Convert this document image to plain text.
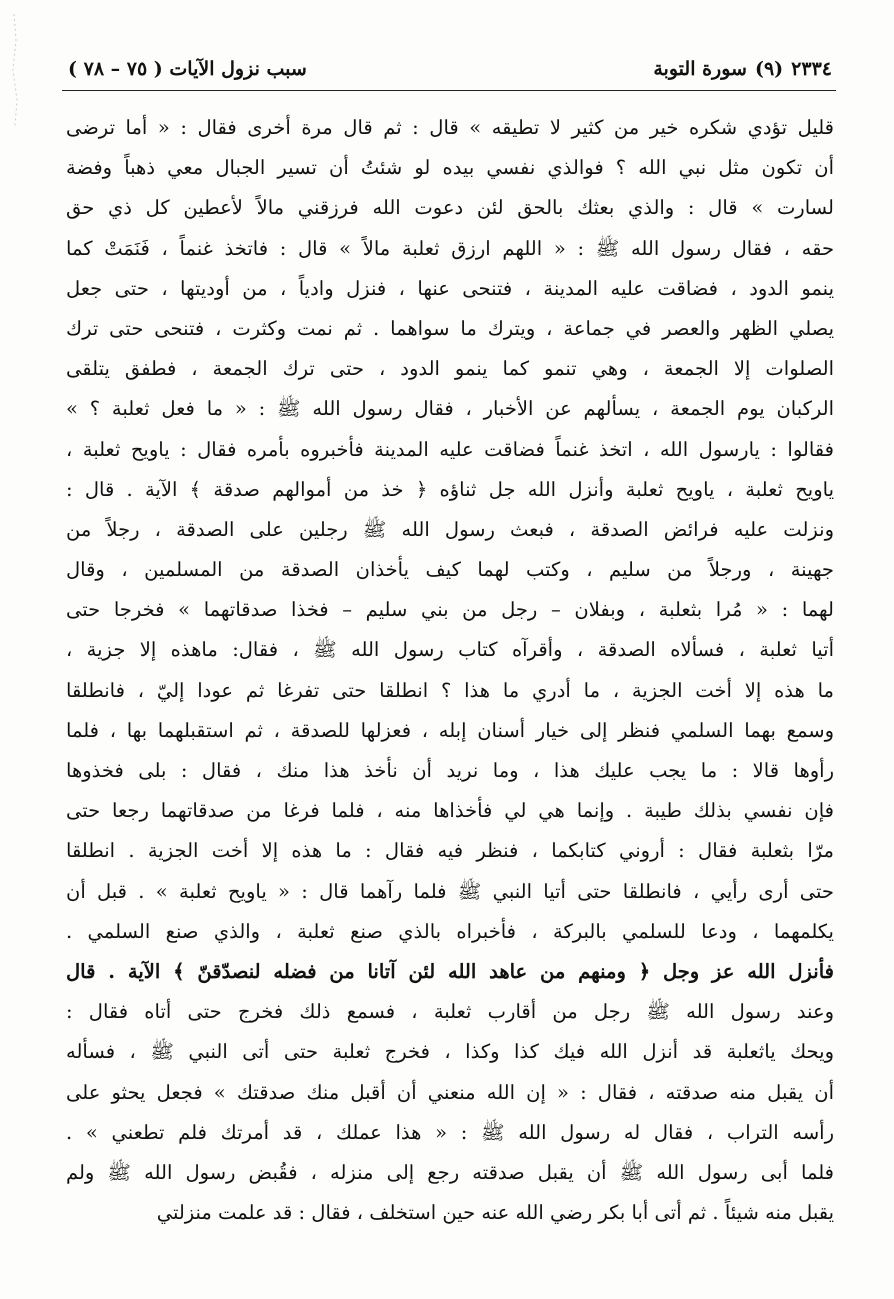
٢٣٣٤
(٩)
سورة التوبة
سبب نزول الآيات ( ٧٥ – ٧٨ )
قليل تؤدي شكره خير من كثير لا تطيقه » قال : ثم قال مرة أخرى فقال : « أما ترضى
أن تكون مثل نبي الله ؟ فوالذي نفسي بيده لو شئتُ أن تسير الجبال معي ذهباً وفضة
لسارت » قال : والذي بعثك بالحق لئن دعوت الله فرزقني مالاً لأعطين كل ذي حق
حقه ، فقال رسول الله ﷺ : « اللهم ارزق ثعلبة مالاً » قال : فاتخذ غنماً ، فَنَمَتْ كما
ينمو الدود ، فضاقت عليه المدينة ، فتنحى عنها ، فنزل وادياً ، من أوديتها ، حتى جعل
يصلي الظهر والعصر في جماعة ، ويترك ما سواهما . ثم نمت وكثرت ، فتنحى حتى ترك
الصلوات إلا الجمعة ، وهي تنمو كما ينمو الدود ، حتى ترك الجمعة ، فطفق يتلقى
الركبان يوم الجمعة ، يسألهم عن الأخبار ، فقال رسول الله ﷺ : « ما فعل ثعلبة ؟ »
فقالوا : يارسول الله ، اتخذ غنماً فضاقت عليه المدينة فأخبروه بأمره فقال : ياويح ثعلبة ،
ياويح ثعلبة ، ياويح ثعلبة وأنزل الله جل ثناؤه ﴿ خذ من أموالهم صدقة ﴾ الآية . قال :
ونزلت عليه فرائض الصدقة ، فبعث رسول الله ﷺ رجلين على الصدقة ، رجلاً من
جهينة ، ورجلاً من سليم ، وكتب لهما كيف يأخذان الصدقة من المسلمين ، وقال
لهما : « مُرا بثعلبة ، وبفلان – رجل من بني سليم – فخذا صدقاتهما » فخرجا حتى
أتيا ثعلبة ، فسألاه الصدقة ، وأقرآه كتاب رسول الله ﷺ ، فقال: ماهذه إلا جزية ،
ما هذه إلا أخت الجزية ، ما أدري ما هذا ؟ انطلقا حتى تفرغا ثم عودا إليّ ، فانطلقا
وسمع بهما السلمي فنظر إلى خيار أسنان إبله ، فعزلها للصدقة ، ثم استقبلهما بها ، فلما
رأوها قالا : ما يجب عليك هذا ، وما نريد أن نأخذ هذا منك ، فقال : بلى فخذوها
فإن نفسي بذلك طيبة . وإنما هي لي فأخذاها منه ، فلما فرغا من صدقاتهما رجعا حتى
مرّا بثعلبة فقال : أروني كتابكما ، فنظر فيه فقال : ما هذه إلا أخت الجزية . انطلقا
حتى أرى رأيي ، فانطلقا حتى أتيا النبي ﷺ فلما رآهما قال : « ياويح ثعلبة » . قبل أن
يكلمهما ، ودعا للسلمي بالبركة ، فأخبراه بالذي صنع ثعلبة ، والذي صنع السلمي .
فأنزل الله عز وجل ﴿ ومنهم من عاهد الله لئن آتانا من فضله لنصدّقنّ ﴾ الآية . قال
وعند رسول الله ﷺ رجل من أقارب ثعلبة ، فسمع ذلك فخرج حتى أتاه فقال :
ويحك ياثعلبة قد أنزل الله فيك كذا وكذا ، فخرج ثعلبة حتى أتى النبي ﷺ ، فسأله
أن يقبل منه صدقته ، فقال : « إن الله منعني أن أقبل منك صدقتك » فجعل يحثو على
رأسه التراب ، فقال له رسول الله ﷺ : « هذا عملك ، قد أمرتك فلم تطعني » .
فلما أبى رسول الله ﷺ أن يقبل صدقته رجع إلى منزله ، فقُبض رسول الله ﷺ ولم
يقبل منه شيئاً . ثم أتى أبا بكر رضي الله عنه حين استخلف ، فقال : قد علمت منزلتي
